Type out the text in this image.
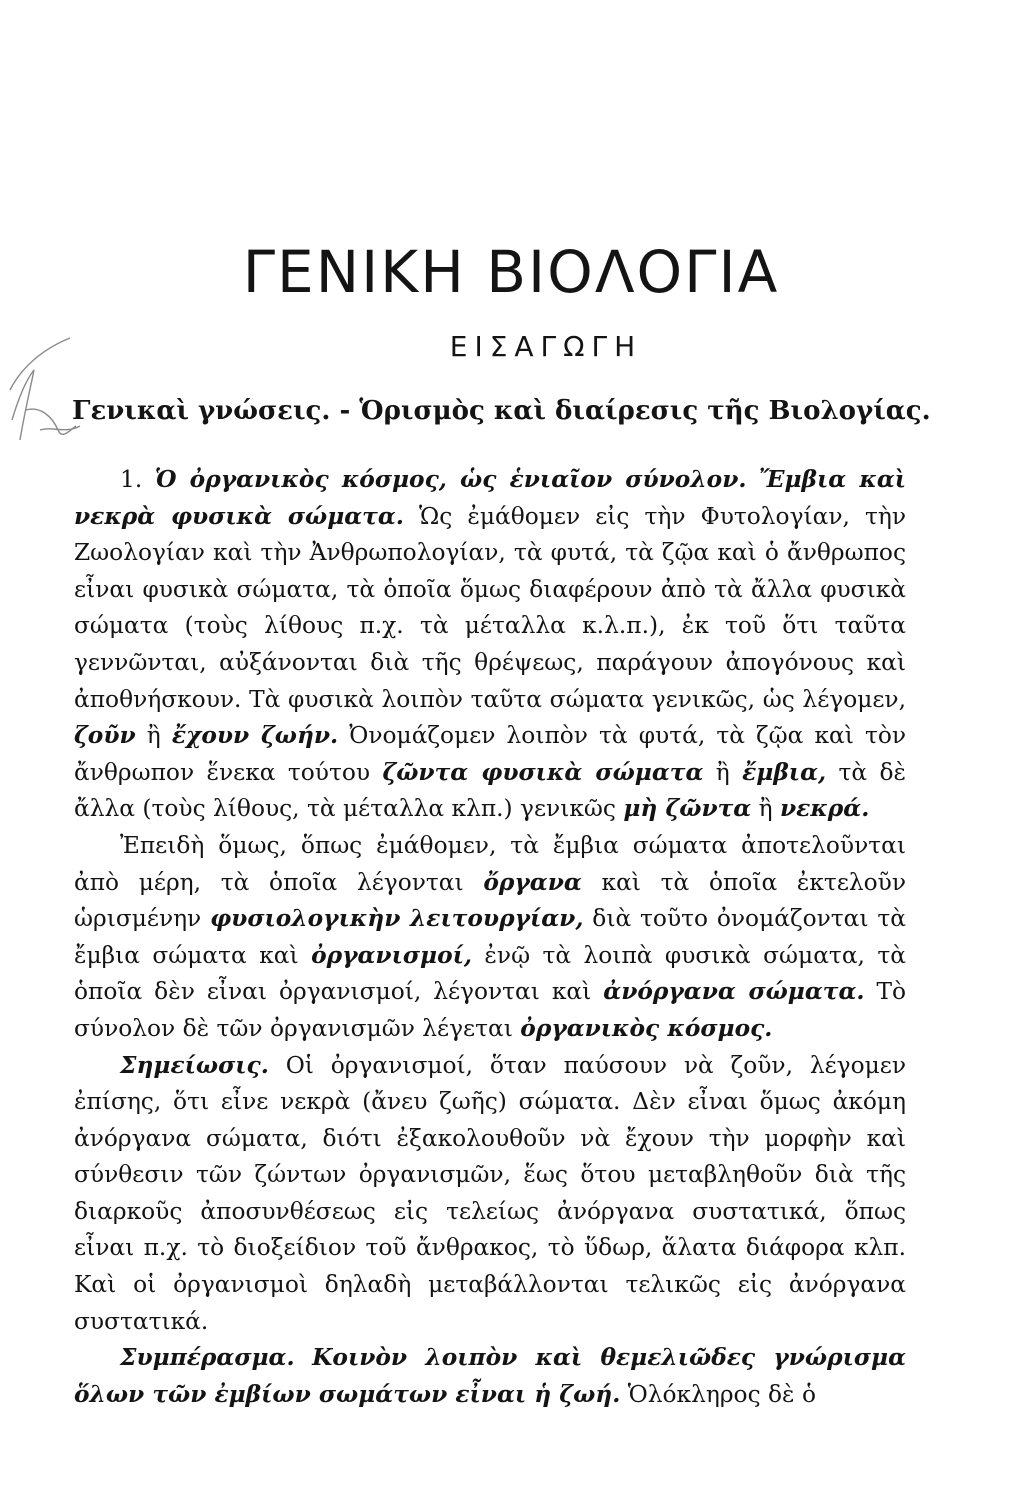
ΓΕΝΙΚΗ ΒΙΟΛΟΓΙΑ
ΕΙΣΑΓΩΓΗ
Γενικαὶ γνώσεις. - Ὁρισμὸς καὶ διαίρεσις τῆς Βιολογίας.

1. Ὁ ὀργανικὸς κόσμος, ὡς ἑνιαῖον σύνολον. Ἔμβια καὶ νεκρὰ φυσικὰ σώματα. Ὡς ἐμάθομεν εἰς τὴν Φυτολογίαν, τὴν Ζωολογίαν καὶ τὴν Ἀνθρωπολογίαν, τὰ φυτά, τὰ ζῷα καὶ ὁ ἄνθρωπος εἶναι φυσικὰ σώματα, τὰ ὁποῖα ὅμως διαφέρουν ἀπὸ τὰ ἄλλα φυσικὰ σώματα (τοὺς λίθους π.χ. τὰ μέταλλα κ.λ.π.), ἐκ τοῦ ὅτι ταῦτα γεννῶνται, αὐξάνονται διὰ τῆς θρέψεως, παράγουν ἀπογόνους καὶ ἀποθνήσκουν. Τὰ φυσικὰ λοιπὸν ταῦτα σώματα γενικῶς, ὡς λέγομεν, ζοῦν ἢ ἔχουν ζωήν. Ὀνομάζομεν λοιπὸν τὰ φυτά, τὰ ζῷα καὶ τὸν ἄνθρωπον ἕνεκα τούτου ζῶντα φυσικὰ σώματα ἢ ἔμβια, τὰ δὲ ἄλλα (τοὺς λίθους, τὰ μέταλλα κλπ.) γενικῶς μὴ ζῶντα ἢ νεκρά.

Ἐπειδὴ ὅμως, ὅπως ἐμάθομεν, τὰ ἔμβια σώματα ἀποτελοῦνται ἀπὸ μέρη, τὰ ὁποῖα λέγονται ὄργανα καὶ τὰ ὁποῖα ἐκτελοῦν ὡρισμένην φυσιολογικὴν λειτουργίαν, διὰ τοῦτο ὀνομάζονται τὰ ἔμβια σώματα καὶ ὀργανισμοί, ἐνῷ τὰ λοιπὰ φυσικὰ σώματα, τὰ ὁποῖα δὲν εἶναι ὀργανισμοί, λέγονται καὶ ἀνόργανα σώματα. Τὸ σύνολον δὲ τῶν ὀργανισμῶν λέγεται ὀργανικὸς κόσμος.

Σημείωσις. Οἱ ὀργανισμοί, ὅταν παύσουν νὰ ζοῦν, λέγομεν ἐπίσης, ὅτι εἶνε νεκρὰ (ἄνευ ζωῆς) σώματα. Δὲν εἶναι ὅμως ἀκόμη ἀνόργανα σώματα, διότι ἐξακολουθοῦν νὰ ἔχουν τὴν μορφὴν καὶ σύνθεσιν τῶν ζώντων ὀργανισμῶν, ἕως ὅτου μεταβληθοῦν διὰ τῆς διαρκοῦς ἀποσυνθέσεως εἰς τελείως ἀνόργανα συστατικά, ὅπως εἶναι π.χ. τὸ διοξείδιον τοῦ ἄνθρακος, τὸ ὕδωρ, ἅλατα διάφορα κλπ. Καὶ οἱ ὀργανισμοὶ δηλαδὴ μεταβάλλονται τελικῶς εἰς ἀνόργανα συστατικά.

Συμπέρασμα. Κοινὸν λοιπὸν καὶ θεμελιῶδες γνώρισμα ὅλων τῶν ἐμβίων σωμάτων εἶναι ἡ ζωή. Ὁλόκληρος δὲ ὁ
